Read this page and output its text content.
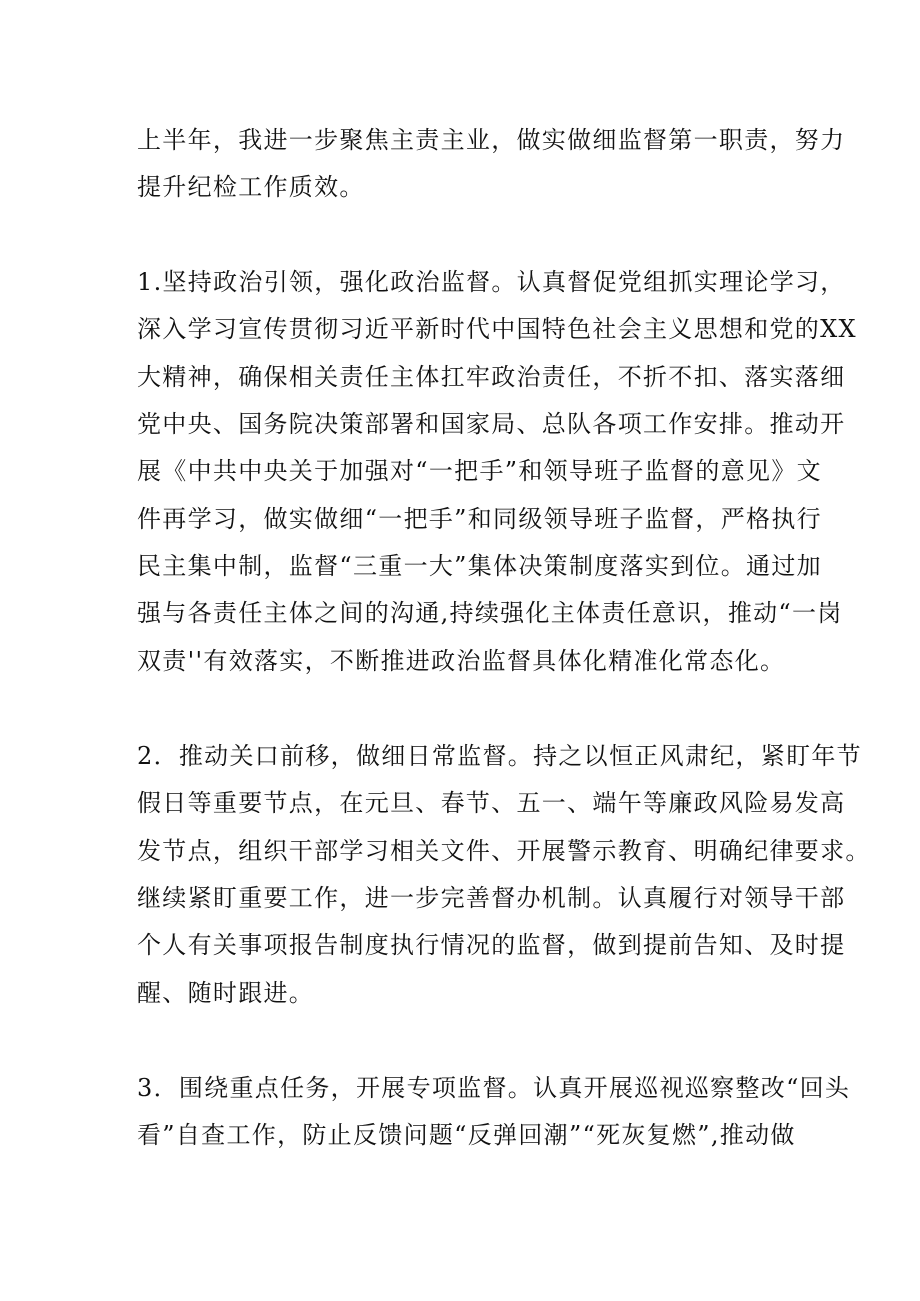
上半年，我进一步聚焦主责主业，做实做细监督第一职责，努力
提升纪检工作质效。
1.坚持政治引领，强化政治监督。认真督促党组抓实理论学习，
深入学习宣传贯彻习近平新时代中国特色社会主义思想和党的XX
大精神，确保相关责任主体扛牢政治责任，不折不扣、落实落细
党中央、国务院决策部署和国家局、总队各项工作安排。推动开
展《中共中央关于加强对“一把手”和领导班子监督的意见》文
件再学习，做实做细“一把手”和同级领导班子监督，严格执行
民主集中制，监督“三重一大”集体决策制度落实到位。通过加
强与各责任主体之间的沟通,持续强化主体责任意识，推动“一岗
双责''有效落实，不断推进政治监督具体化精准化常态化。
2．推动关口前移，做细日常监督。持之以恒正风肃纪，紧盯年节
假日等重要节点，在元旦、春节、五一、端午等廉政风险易发高
发节点，组织干部学习相关文件、开展警示教育、明确纪律要求。
继续紧盯重要工作，进一步完善督办机制。认真履行对领导干部
个人有关事项报告制度执行情况的监督，做到提前告知、及时提
醒、随时跟进。
3．围绕重点任务，开展专项监督。认真开展巡视巡察整改“回头
看”自查工作，防止反馈问题“反弹回潮”“死灰复燃”,推动做
